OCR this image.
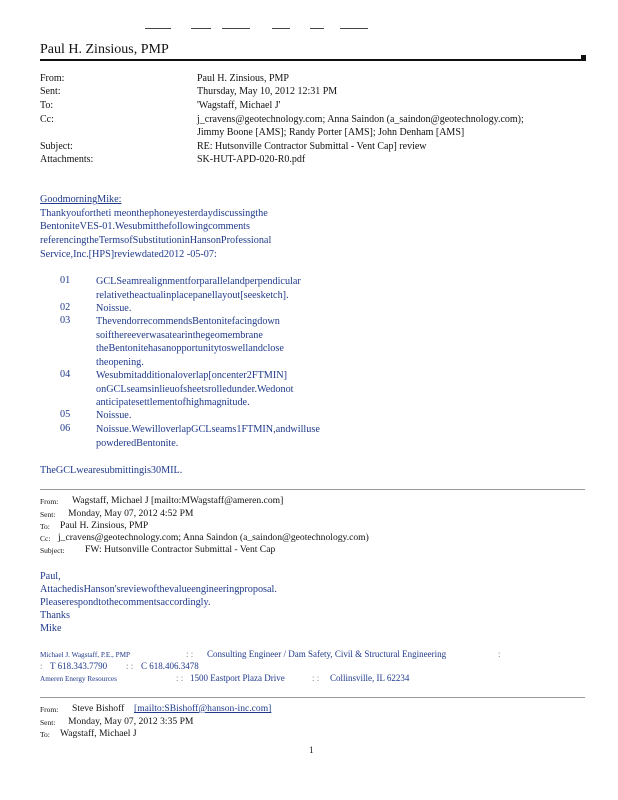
Paul H. Zinsious, PMP
From:	Paul H. Zinsious, PMP
Sent:	Thursday, May 10, 2012 12:31 PM
To:	'Wagstaff, Michael J'
Cc:	j_cravens@geotechnology.com; Anna Saindon (a_saindon@geotechnology.com);
Jimmy Boone [AMS]; Randy Porter [AMS]; John Denham [AMS]
Subject:	RE: Hutsonville Contractor Submittal - Vent Cap] review
Attachments:	SK-HUT-APD-020-R0.pdf
GoodmorningMike:
Thankyoufortheti meonthephoneyesterdaydiscussingthe
BentoniteVES-01.Wesubmitthefollowingcomments
referencingtheTermsofSubstitutioninHansonProfessional
Service,Inc.[HPS]reviewdated2012 -05-07:
01	GCLSeamrealignmentforparallelandperpendicular
relativetheactualinplacepanellayout[seesketch].
02	Noissue.
03	ThevendorrecommendsBentonitefacingdown
soifthereeverwasatearinthegeomembrane
theBentonitehasanopportunitytoswellandclose
theopening.
04	Wesubmitadditionaloverlap[oncenter2FTMIN]
onGCLseamsinlieuofsheetsrolledunder.Wedonot
anticipatesettlementofhighmagnitude.
05	Noissue.
06	Noissue.WewilloverlapGCLseams1FTMIN,andwilluse
powderedBentonite.
TheGCLwearesubmittingis30MIL.
From: Wagstaff, Michael J [mailto:MWagstaff@ameren.com]
Sent: Monday, May 07, 2012 4:52 PM
To: Paul H. Zinsious, PMP
Cc: j_cravens@geotechnology.com; Anna Saindon (a_saindon@geotechnology.com)
Subject: FW: Hutsonville Contractor Submittal - Vent Cap
Paul,
AttachedisHanson'sreviewofthevalueengineeringproposal.
Pleaserespondtothecommentsaccordingly.
Thanks
Mike
Michael J. Wagstaff, P.E., PMP	: : Consulting Engineer / Dam Safety, Civil & Structural Engineering	:
: T 618.343.7790 : : C 618.406.3478
Ameren Energy Resources	: : 1500 Eastport Plaza Drive	: : Collinsville, IL 62234
From: Steve Bishoff [mailto:SBishoff@hanson-inc.com]
Sent: Monday, May 07, 2012 3:35 PM
To: Wagstaff, Michael J
1
